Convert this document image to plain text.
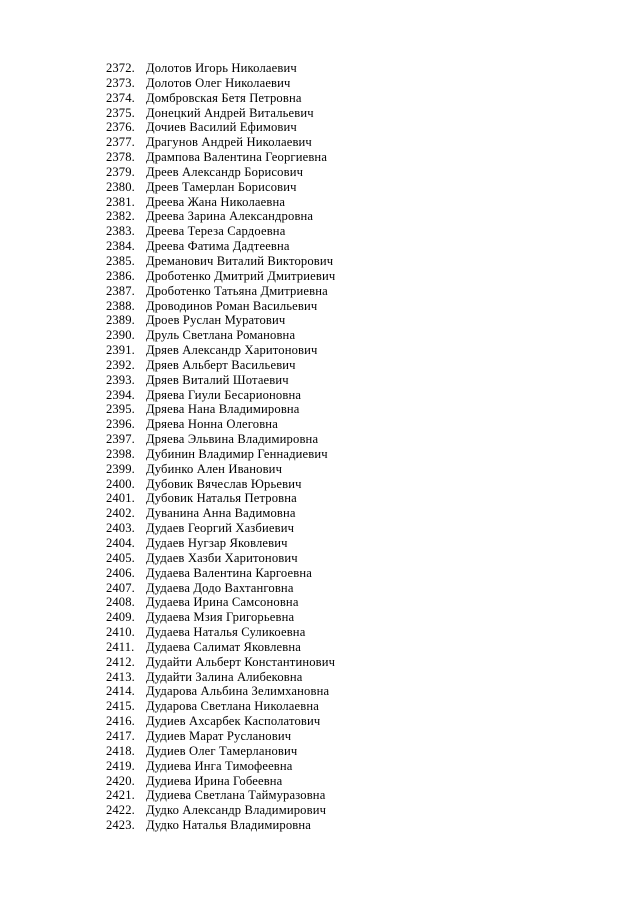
2372. Долотов Игорь Николаевич
2373. Долотов Олег Николаевич
2374. Домбровская Бетя Петровна
2375. Донецкий Андрей Витальевич
2376. Дочиев Василий Ефимович
2377. Драгунов Андрей Николаевич
2378. Дрампова Валентина Георгиевна
2379. Дреев Александр Борисович
2380. Дреев Тамерлан Борисович
2381. Дреева Жана Николаевна
2382. Дреева Зарина Александровна
2383. Дреева Тереза Сардоевна
2384. Дреева Фатима Дадтеевна
2385. Дреманович Виталий Викторович
2386. Дроботенко Дмитрий Дмитриевич
2387. Дроботенко Татьяна Дмитриевна
2388. Дроводинов Роман Васильевич
2389. Дроев Руслан Муратович
2390. Друль Светлана Романовна
2391. Дряев Александр Харитонович
2392. Дряев Альберт Васильевич
2393. Дряев Виталий Шотаевич
2394. Дряева Гиули Бесарионовна
2395. Дряева Нана Владимировна
2396. Дряева Нонна Олеговна
2397. Дряева Эльвина Владимировна
2398. Дубинин Владимир Геннадиевич
2399. Дубинко Ален Иванович
2400. Дубовик Вячеслав Юрьевич
2401. Дубовик Наталья Петровна
2402. Дуванина Анна Вадимовна
2403. Дудаев Георгий Хазбиевич
2404. Дудаев Нугзар Яковлевич
2405. Дудаев Хазби Харитонович
2406. Дудаева Валентина Каргоевна
2407. Дудаева Додо Вахтанговна
2408. Дудаева Ирина Самсоновна
2409. Дудаева Мзия Григорьевна
2410. Дудаева Наталья Суликоевна
2411. Дудаева Салимат Яковлевна
2412. Дудайти Альберт Константинович
2413. Дудайти Залина Алибековна
2414. Дударова Альбина Зелимхановна
2415. Дударова Светлана Николаевна
2416. Дудиев Ахсарбек Касполатович
2417. Дудиев Марат Русланович
2418. Дудиев Олег Тамерланович
2419. Дудиева Инга Тимофеевна
2420. Дудиева Ирина Гобеевна
2421. Дудиева Светлана Таймуразовна
2422. Дудко Александр Владимирович
2423. Дудко Наталья Владимировна
